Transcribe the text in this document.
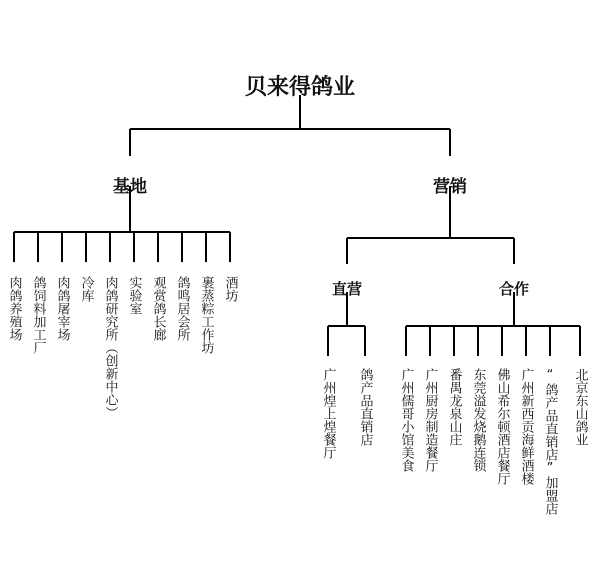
贝来得鸽业
基地	营销
肉鸽养殖场 鸽饲料加工厂 肉鸽屠宰场 冷库 肉鸽研究所（创新中心） 实验室 观赏鸽长廊 鸽鸣居会所 裹蒸粽工作坊 酒坊	直营	合作
广州煌上煌餐厅 鸽产品直销店 广州儒哥小馆美食 广州厨房制造餐厅 番禺龙泉山庄 东莞溢发烧鹅连锁 佛山希尔顿酒店餐厅 广州新西贡海鲜酒楼 “鸽产品直销店”加盟店 北京东山鸽业
